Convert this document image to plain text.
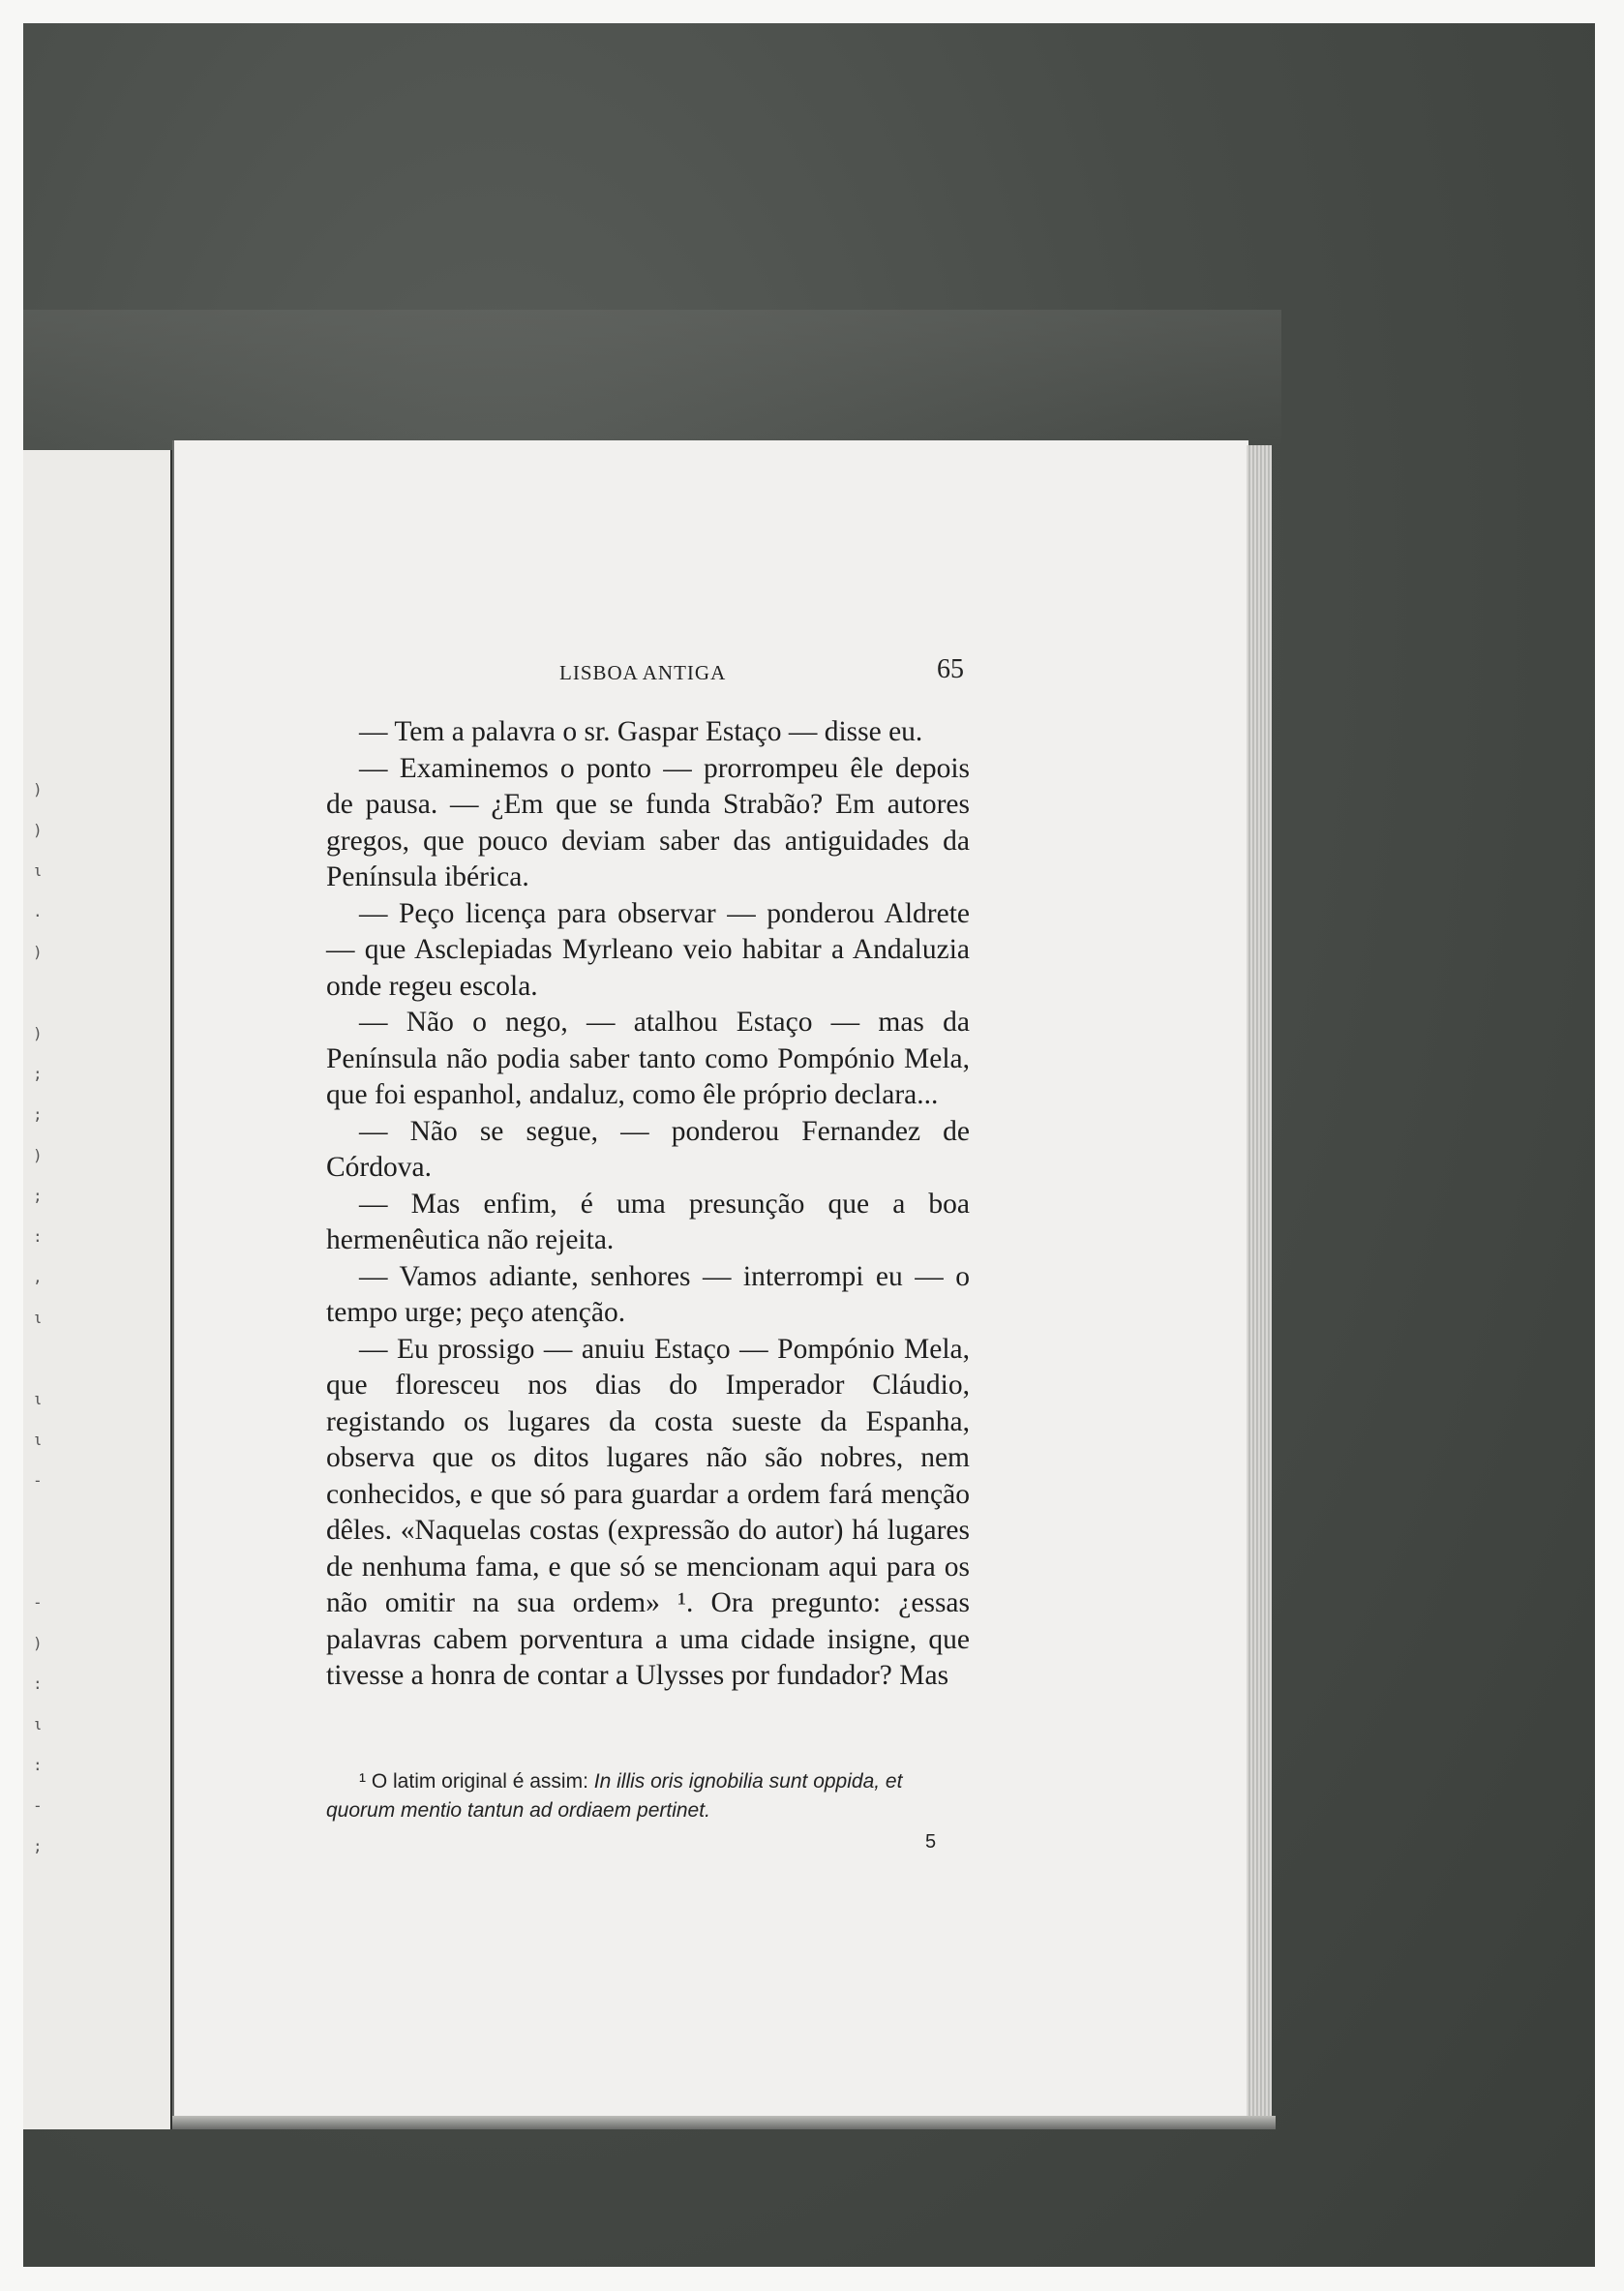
)
)
ι
.
)

)
;
;
)
;
:
,
ι

ι
ι
-

-
)
:
ι
:
-
;
LISBOA ANTIGA	65

— Tem a palavra o sr. Gaspar Estaço — disse eu.

— Examinemos o ponto — prorrompeu êle depois de pausa. — ¿Em que se funda Strabão? Em autores gregos, que pouco deviam saber das antiguidades da Península ibérica.

— Peço licença para observar — ponderou Aldrete — que Asclepiadas Myrleano veio habitar a Andaluzia onde regeu escola.

— Não o nego, — atalhou Estaço — mas da Península não podia saber tanto como Pompónio Mela, que foi espanhol, andaluz, como êle próprio declara...

— Não se segue, — ponderou Fernandez de Córdova.

— Mas enfim, é uma presunção que a boa hermenêutica não rejeita.

— Vamos adiante, senhores — interrompi eu — o tempo urge; peço atenção.

— Eu prossigo — anuiu Estaço — Pompónio Mela, que floresceu nos dias do Imperador Cláudio, registando os lugares da costa sueste da Espanha, observa que os ditos lugares não são nobres, nem conhecidos, e que só para guardar a ordem fará menção dêles. «Naquelas costas (expressão do autor) há lugares de nenhuma fama, e que só se mencionam aqui para os não omitir na sua ordem» ¹. Ora pregunto: ¿essas palavras cabem porventura a uma cidade insigne, que tivesse a honra de contar a Ulysses por fundador? Mas

¹ O latim original é assim: In illis oris ignobilia sunt oppida, et quorum mentio tantun ad ordiaem pertinet.
5
